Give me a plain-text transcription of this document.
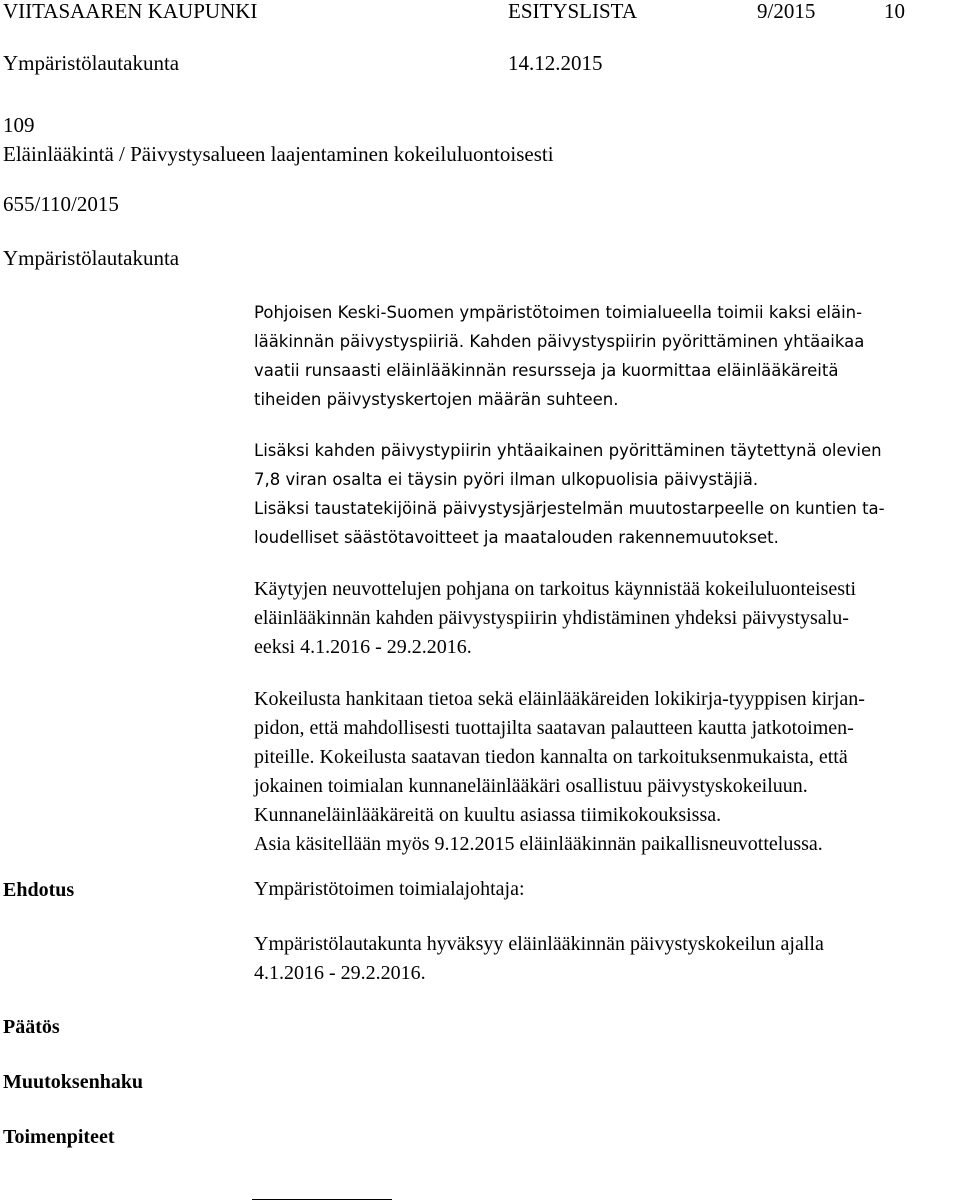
VIITASAAREN KAUPUNKI	ESITYSLISTA	9/2015	10
Ympäristölautakunta	14.12.2015
109
Eläinlääkintä / Päivystysalueen laajentaminen kokeiluluontoisesti
655/110/2015
Ympäristölautakunta
Pohjoisen Keski-Suomen ympäristötoimen toimialueella toimii kaksi eläin-
lääkinnän päivystyspiiriä. Kahden päivystyspiirin pyörittäminen yhtäaikaa
vaatii runsaasti eläinlääkinnän resursseja ja kuormittaa eläinlääkäreitä
tiheiden päivystyskertojen määrän suhteen.
Lisäksi kahden päivystypiirin yhtäaikainen pyörittäminen täytettynä olevien
7,8 viran osalta ei täysin pyöri ilman ulkopuolisia päivystäjiä.
Lisäksi taustatekijöinä päivystysjärjestelmän muutostarpeelle on kuntien ta-
loudelliset säästötavoitteet ja maatalouden rakennemuutokset.
Käytyjen neuvottelujen pohjana on tarkoitus käynnistää kokeiluluonteisesti
eläinlääkinnän kahden päivystyspiirin yhdistäminen yhdeksi päivystysalu-
eeksi 4.1.2016 - 29.2.2016.
Kokeilusta hankitaan tietoa sekä eläinlääkäreiden lokikirja-tyyppisen kirjan-
pidon, että mahdollisesti tuottajilta saatavan palautteen kautta jatkotoimen-
piteille. Kokeilusta saatavan tiedon kannalta on tarkoituksenmukaista, että
jokainen toimialan kunnaneläinlääkäri osallistuu päivystyskokeiluun.
Kunnaneläinlääkäreitä on kuultu asiassa tiimikokouksissa.
Asia käsitellään myös 9.12.2015 eläinlääkinnän paikallisneuvottelussa.
Ehdotus	Ympäristötoimen toimialajohtaja:
Ympäristölautakunta hyväksyy eläinlääkinnän päivystyskokeilun ajalla
4.1.2016 - 29.2.2016.
Päätös
Muutoksenhaku
Toimenpiteet
